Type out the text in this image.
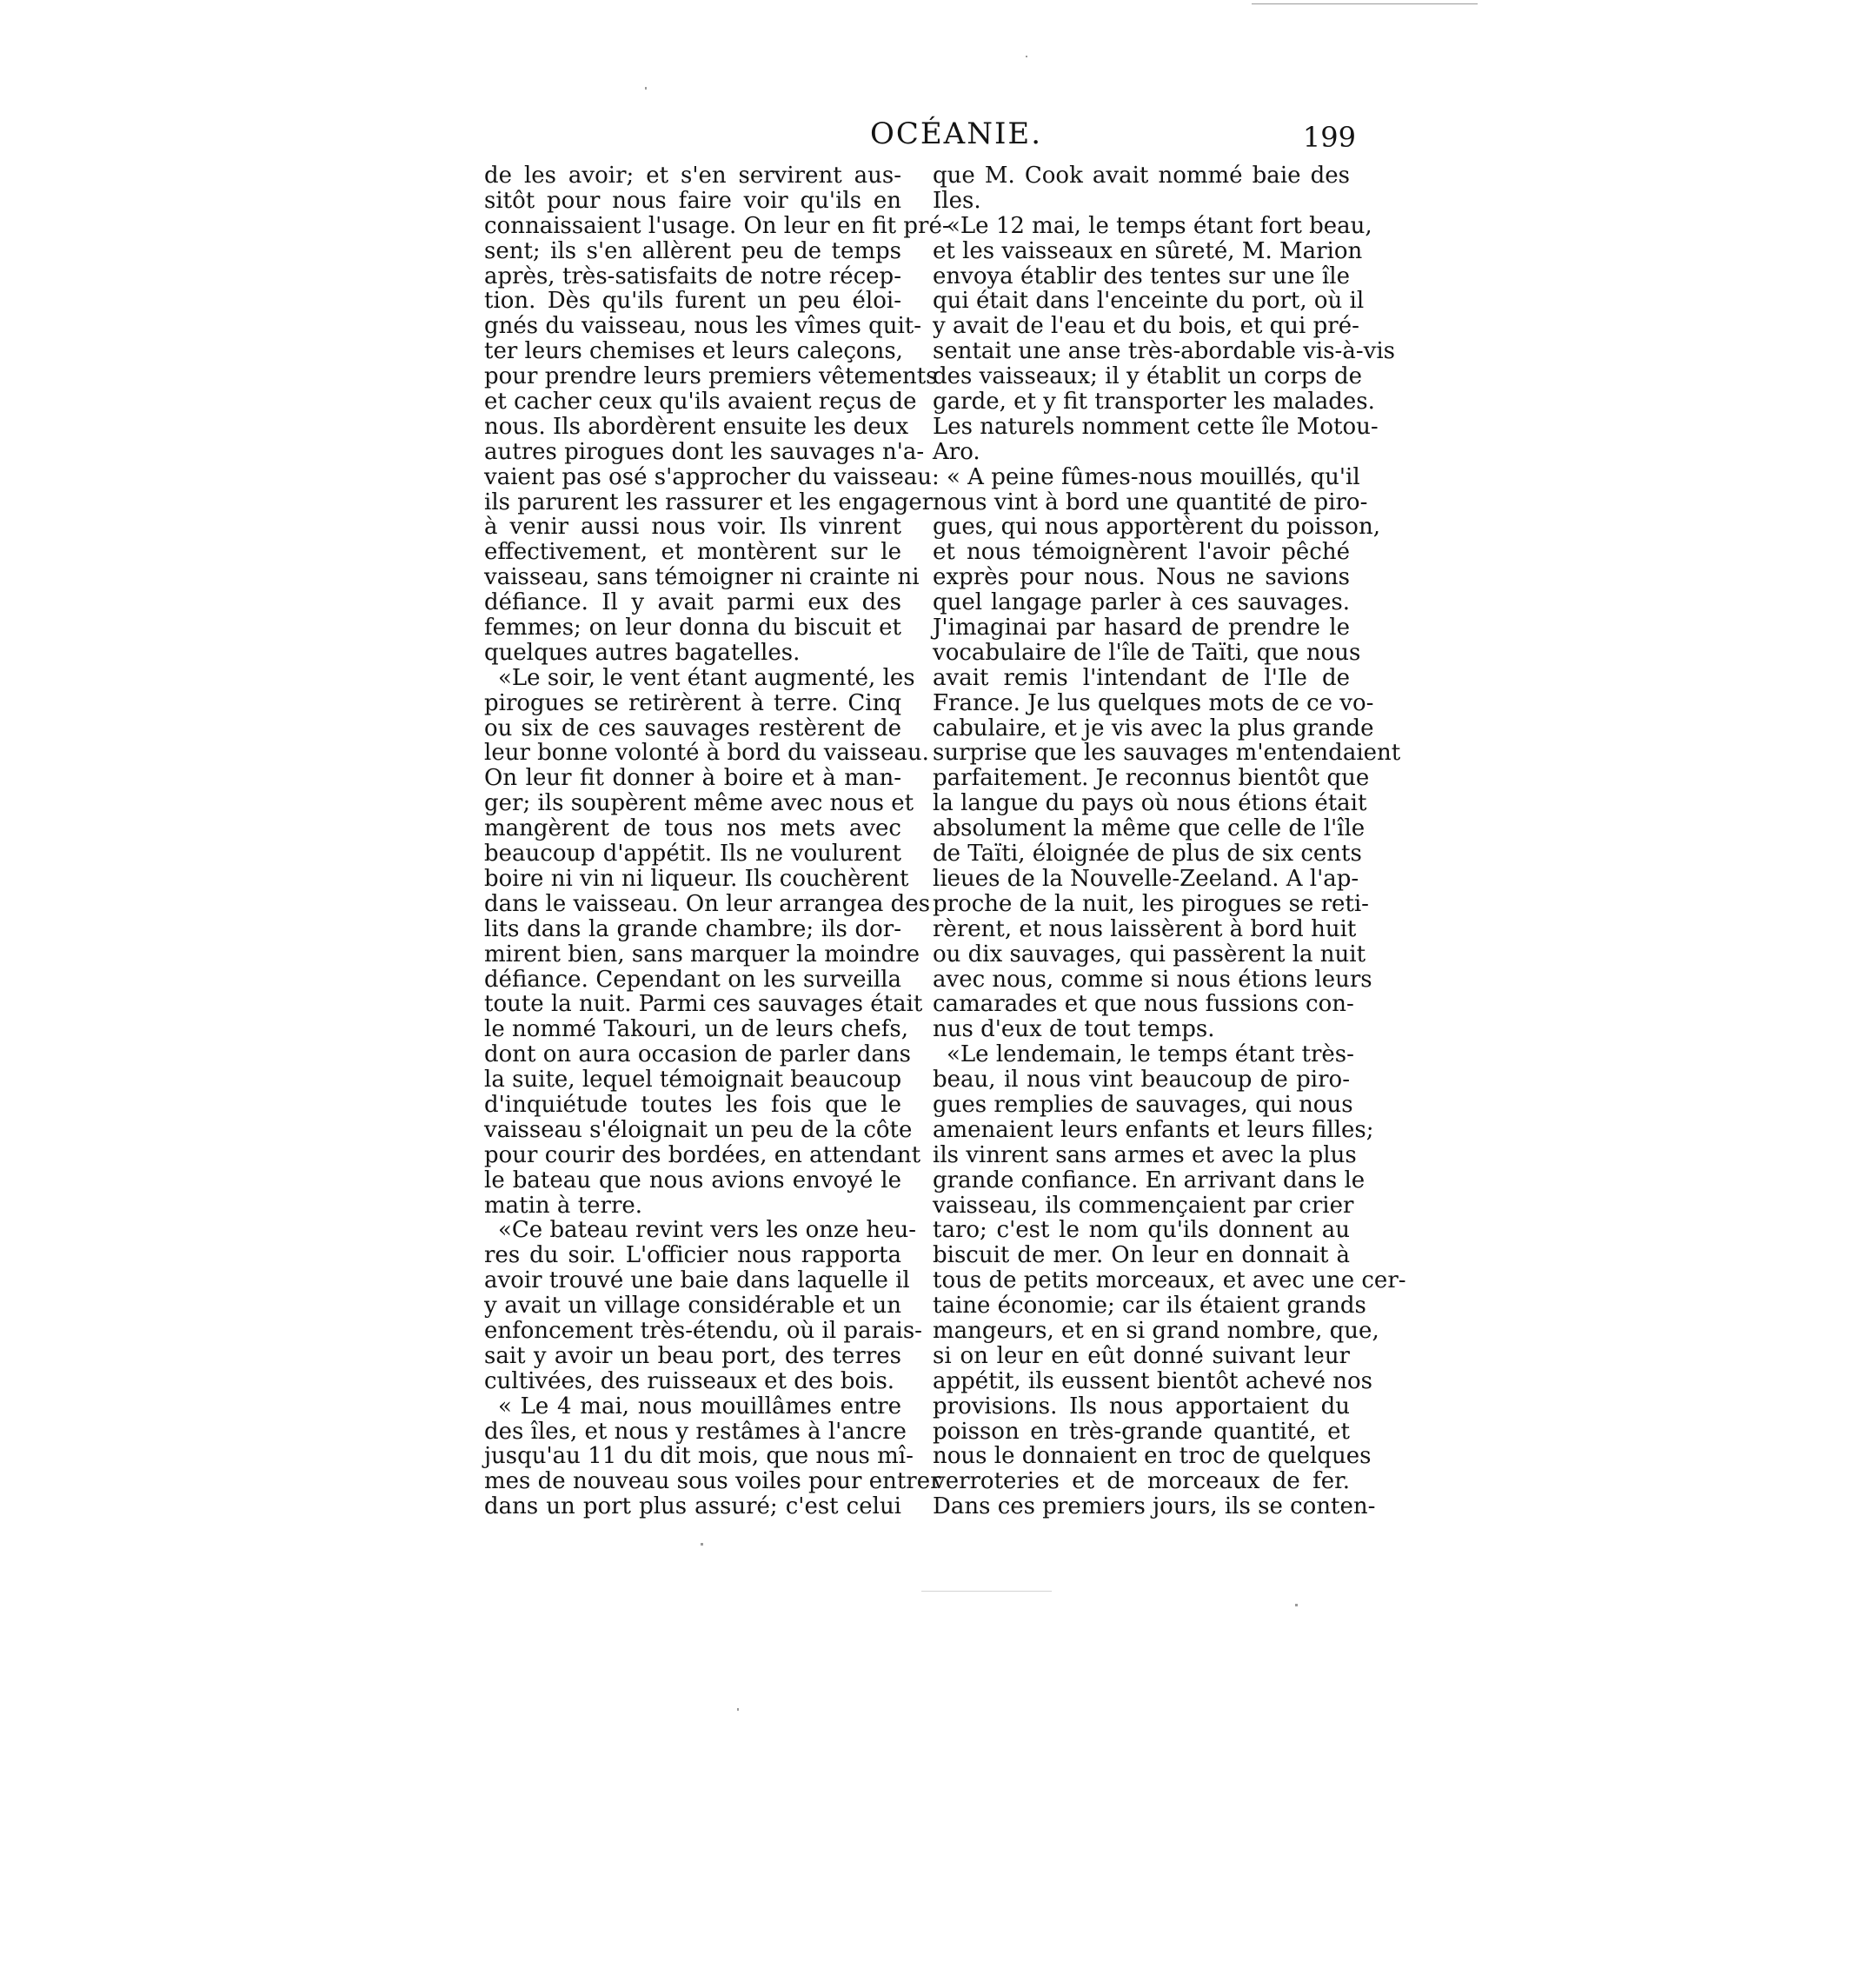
OCÉANIE.	199
de les avoir; et s'en servirent aus-
sitôt pour nous faire voir qu'ils en
connaissaient l'usage. On leur en fit pré-
sent; ils s'en allèrent peu de temps
après, très-satisfaits de notre récep-
tion. Dès qu'ils furent un peu éloi-
gnés du vaisseau, nous les vîmes quit-
ter leurs chemises et leurs caleçons,
pour prendre leurs premiers vêtements
et cacher ceux qu'ils avaient reçus de
nous. Ils abordèrent ensuite les deux
autres pirogues dont les sauvages n'a-
vaient pas osé s'approcher du vaisseau:
ils parurent les rassurer et les engager
à venir aussi nous voir. Ils vinrent
effectivement, et montèrent sur le
vaisseau, sans témoigner ni crainte ni
défiance. Il y avait parmi eux des
femmes; on leur donna du biscuit et
quelques autres bagatelles.
«Le soir, le vent étant augmenté, les
pirogues se retirèrent à terre. Cinq
ou six de ces sauvages restèrent de
leur bonne volonté à bord du vaisseau.
On leur fit donner à boire et à man-
ger; ils soupèrent même avec nous et
mangèrent de tous nos mets avec
beaucoup d'appétit. Ils ne voulurent
boire ni vin ni liqueur. Ils couchèrent
dans le vaisseau. On leur arrangea des
lits dans la grande chambre; ils dor-
mirent bien, sans marquer la moindre
défiance. Cependant on les surveilla
toute la nuit. Parmi ces sauvages était
le nommé Takouri, un de leurs chefs,
dont on aura occasion de parler dans
la suite, lequel témoignait beaucoup
d'inquiétude toutes les fois que le
vaisseau s'éloignait un peu de la côte
pour courir des bordées, en attendant
le bateau que nous avions envoyé le
matin à terre.
«Ce bateau revint vers les onze heu-
res du soir. L'officier nous rapporta
avoir trouvé une baie dans laquelle il
y avait un village considérable et un
enfoncement très-étendu, où il parais-
sait y avoir un beau port, des terres
cultivées, des ruisseaux et des bois.
« Le 4 mai, nous mouillâmes entre
des îles, et nous y restâmes à l'ancre
jusqu'au 11 du dit mois, que nous mî-
mes de nouveau sous voiles pour entrer
dans un port plus assuré; c'est celui
que M. Cook avait nommé baie des
Iles.
«Le 12 mai, le temps étant fort beau,
et les vaisseaux en sûreté, M. Marion
envoya établir des tentes sur une île
qui était dans l'enceinte du port, où il
y avait de l'eau et du bois, et qui pré-
sentait une anse très-abordable vis-à-vis
des vaisseaux; il y établit un corps de
garde, et y fit transporter les malades.
Les naturels nomment cette île Motou-
Aro.
« A peine fûmes-nous mouillés, qu'il
nous vint à bord une quantité de piro-
gues, qui nous apportèrent du poisson,
et nous témoignèrent l'avoir pêché
exprès pour nous. Nous ne savions
quel langage parler à ces sauvages.
J'imaginai par hasard de prendre le
vocabulaire de l'île de Taïti, que nous
avait remis l'intendant de l'Ile de
France. Je lus quelques mots de ce vo-
cabulaire, et je vis avec la plus grande
surprise que les sauvages m'entendaient
parfaitement. Je reconnus bientôt que
la langue du pays où nous étions était
absolument la même que celle de l'île
de Taïti, éloignée de plus de six cents
lieues de la Nouvelle-Zeeland. A l'ap-
proche de la nuit, les pirogues se reti-
rèrent, et nous laissèrent à bord huit
ou dix sauvages, qui passèrent la nuit
avec nous, comme si nous étions leurs
camarades et que nous fussions con-
nus d'eux de tout temps.
«Le lendemain, le temps étant très-
beau, il nous vint beaucoup de piro-
gues remplies de sauvages, qui nous
amenaient leurs enfants et leurs filles;
ils vinrent sans armes et avec la plus
grande confiance. En arrivant dans le
vaisseau, ils commençaient par crier
taro; c'est le nom qu'ils donnent au
biscuit de mer. On leur en donnait à
tous de petits morceaux, et avec une cer-
taine économie; car ils étaient grands
mangeurs, et en si grand nombre, que,
si on leur en eût donné suivant leur
appétit, ils eussent bientôt achevé nos
provisions. Ils nous apportaient du
poisson en très-grande quantité, et
nous le donnaient en troc de quelques
verroteries et de morceaux de fer.
Dans ces premiers jours, ils se conten-
